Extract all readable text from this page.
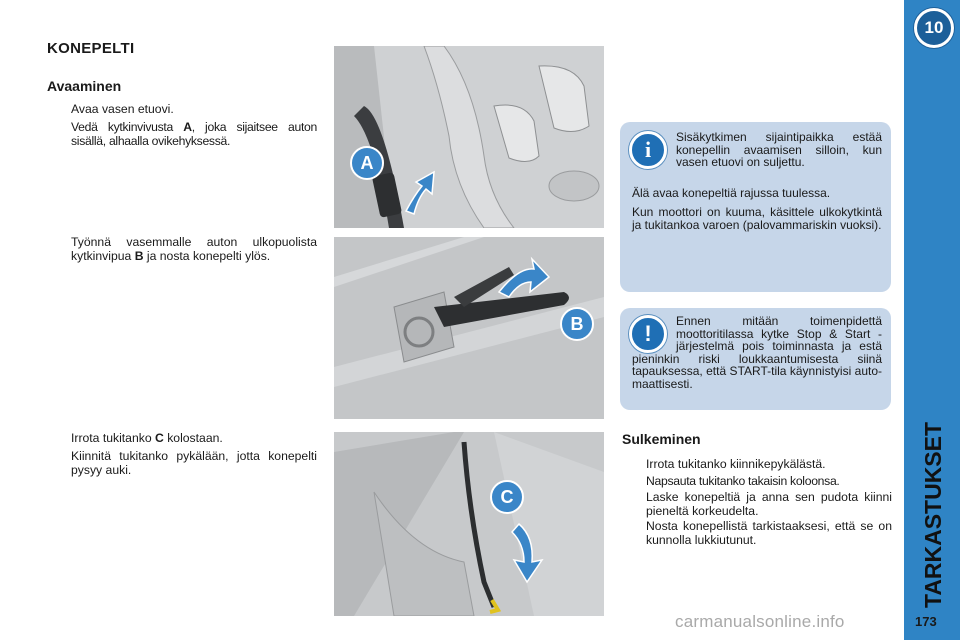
KONEPELTI
Avaaminen
Avaa vasen etuovi.
Vedä kytkinvivusta A, joka sijaitsee auton sisällä, alhaalla ovikehyksessä.
Työnnä vasemmalle auton ulkopuolista kytkinvipua B ja nosta konepelti ylös.
Irrota tukitanko C kolostaan.
Kiinnitä tukitanko pykälään, jotta konepelti pysyy auki.
A
B
C
i	Sisäkytkimen sijaintipaikka estää konepellin avaamisen silloin, kun vasen etuovi on suljettu.

Älä avaa konepeltiä rajussa tuulessa.

Kun moottori on kuuma, käsittele ulkokytkintä ja tukitankoa varoen (palovammariskin vuoksi).

!	Ennen mitään toimenpidettä moottoritilassa kytke Stop & Start -järjestelmä pois toiminnasta ja estä pieninkin riski loukkaantumisesta siinä tapauksessa, että START-tila käynnistyisi automaattisesti.

Sulkeminen
Irrota tukitanko kiinnikepykälästä.
Napsauta tukitanko takaisin koloonsa.
Laske konepeltiä ja anna sen pudota kiinni pieneltä korkeudelta.
Nosta konepellistä tarkistaaksesi, että se on kunnolla lukkiutunut.
10
TARKASTUKSET
173
carmanualsonline.info
